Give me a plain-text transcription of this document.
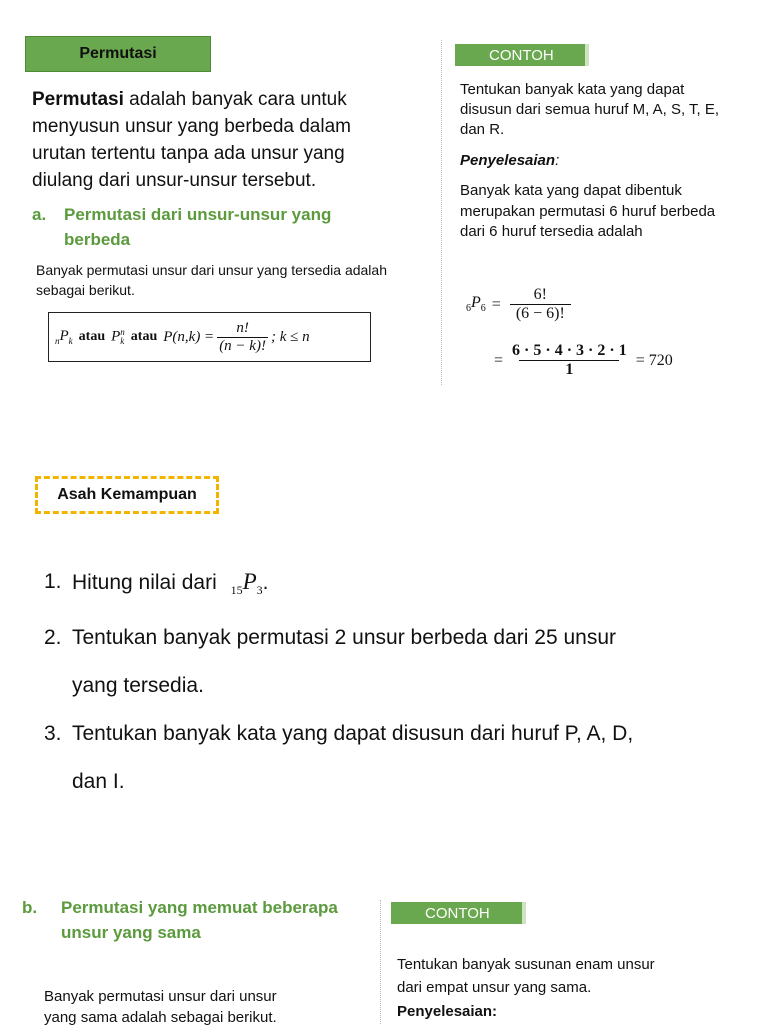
Permutasi
Permutasi adalah banyak cara untuk menyusun unsur yang berbeda dalam urutan tertentu tanpa ada unsur yang diulang dari unsur-unsur tersebut.
a.	Permutasi dari unsur-unsur yang
berbeda
Banyak permutasi unsur dari unsur yang tersedia adalah sebagai berikut.
$_nP_k$ atau P n
k atau $P(n,k) = \frac{n!}{(n - k)!}$ ; k ≤ n
CONTOH
Tentukan banyak kata yang dapat disusun dari semua huruf M, A, S, T, E, dan R.
Penyelesaian:
Banyak kata yang dapat dibentuk merupakan permutasi 6 huruf berbeda dari 6 huruf tersedia adalah
$_6P_6 = \frac{6!}{(6 - 6)!}$
= $\frac{6 \cdot 5 \cdot 4 \cdot 3 \cdot 2 \cdot 1}{1} = 720$
Asah Kemampuan
1. Hitung nilai dari $_{15}P_3$.
2. Tentukan banyak permutasi 2 unsur berbeda dari 25 unsur
yang tersedia.
3. Tentukan banyak kata yang dapat disusun dari huruf P, A, D,
dan I.
b.	Permutasi yang memuat beberapa
unsur yang sama
Banyak permutasi unsur dari unsur
yang sama adalah sebagai berikut.
CONTOH
Tentukan banyak susunan enam unsur
dari empat unsur yang sama.
Penyelesaian:
